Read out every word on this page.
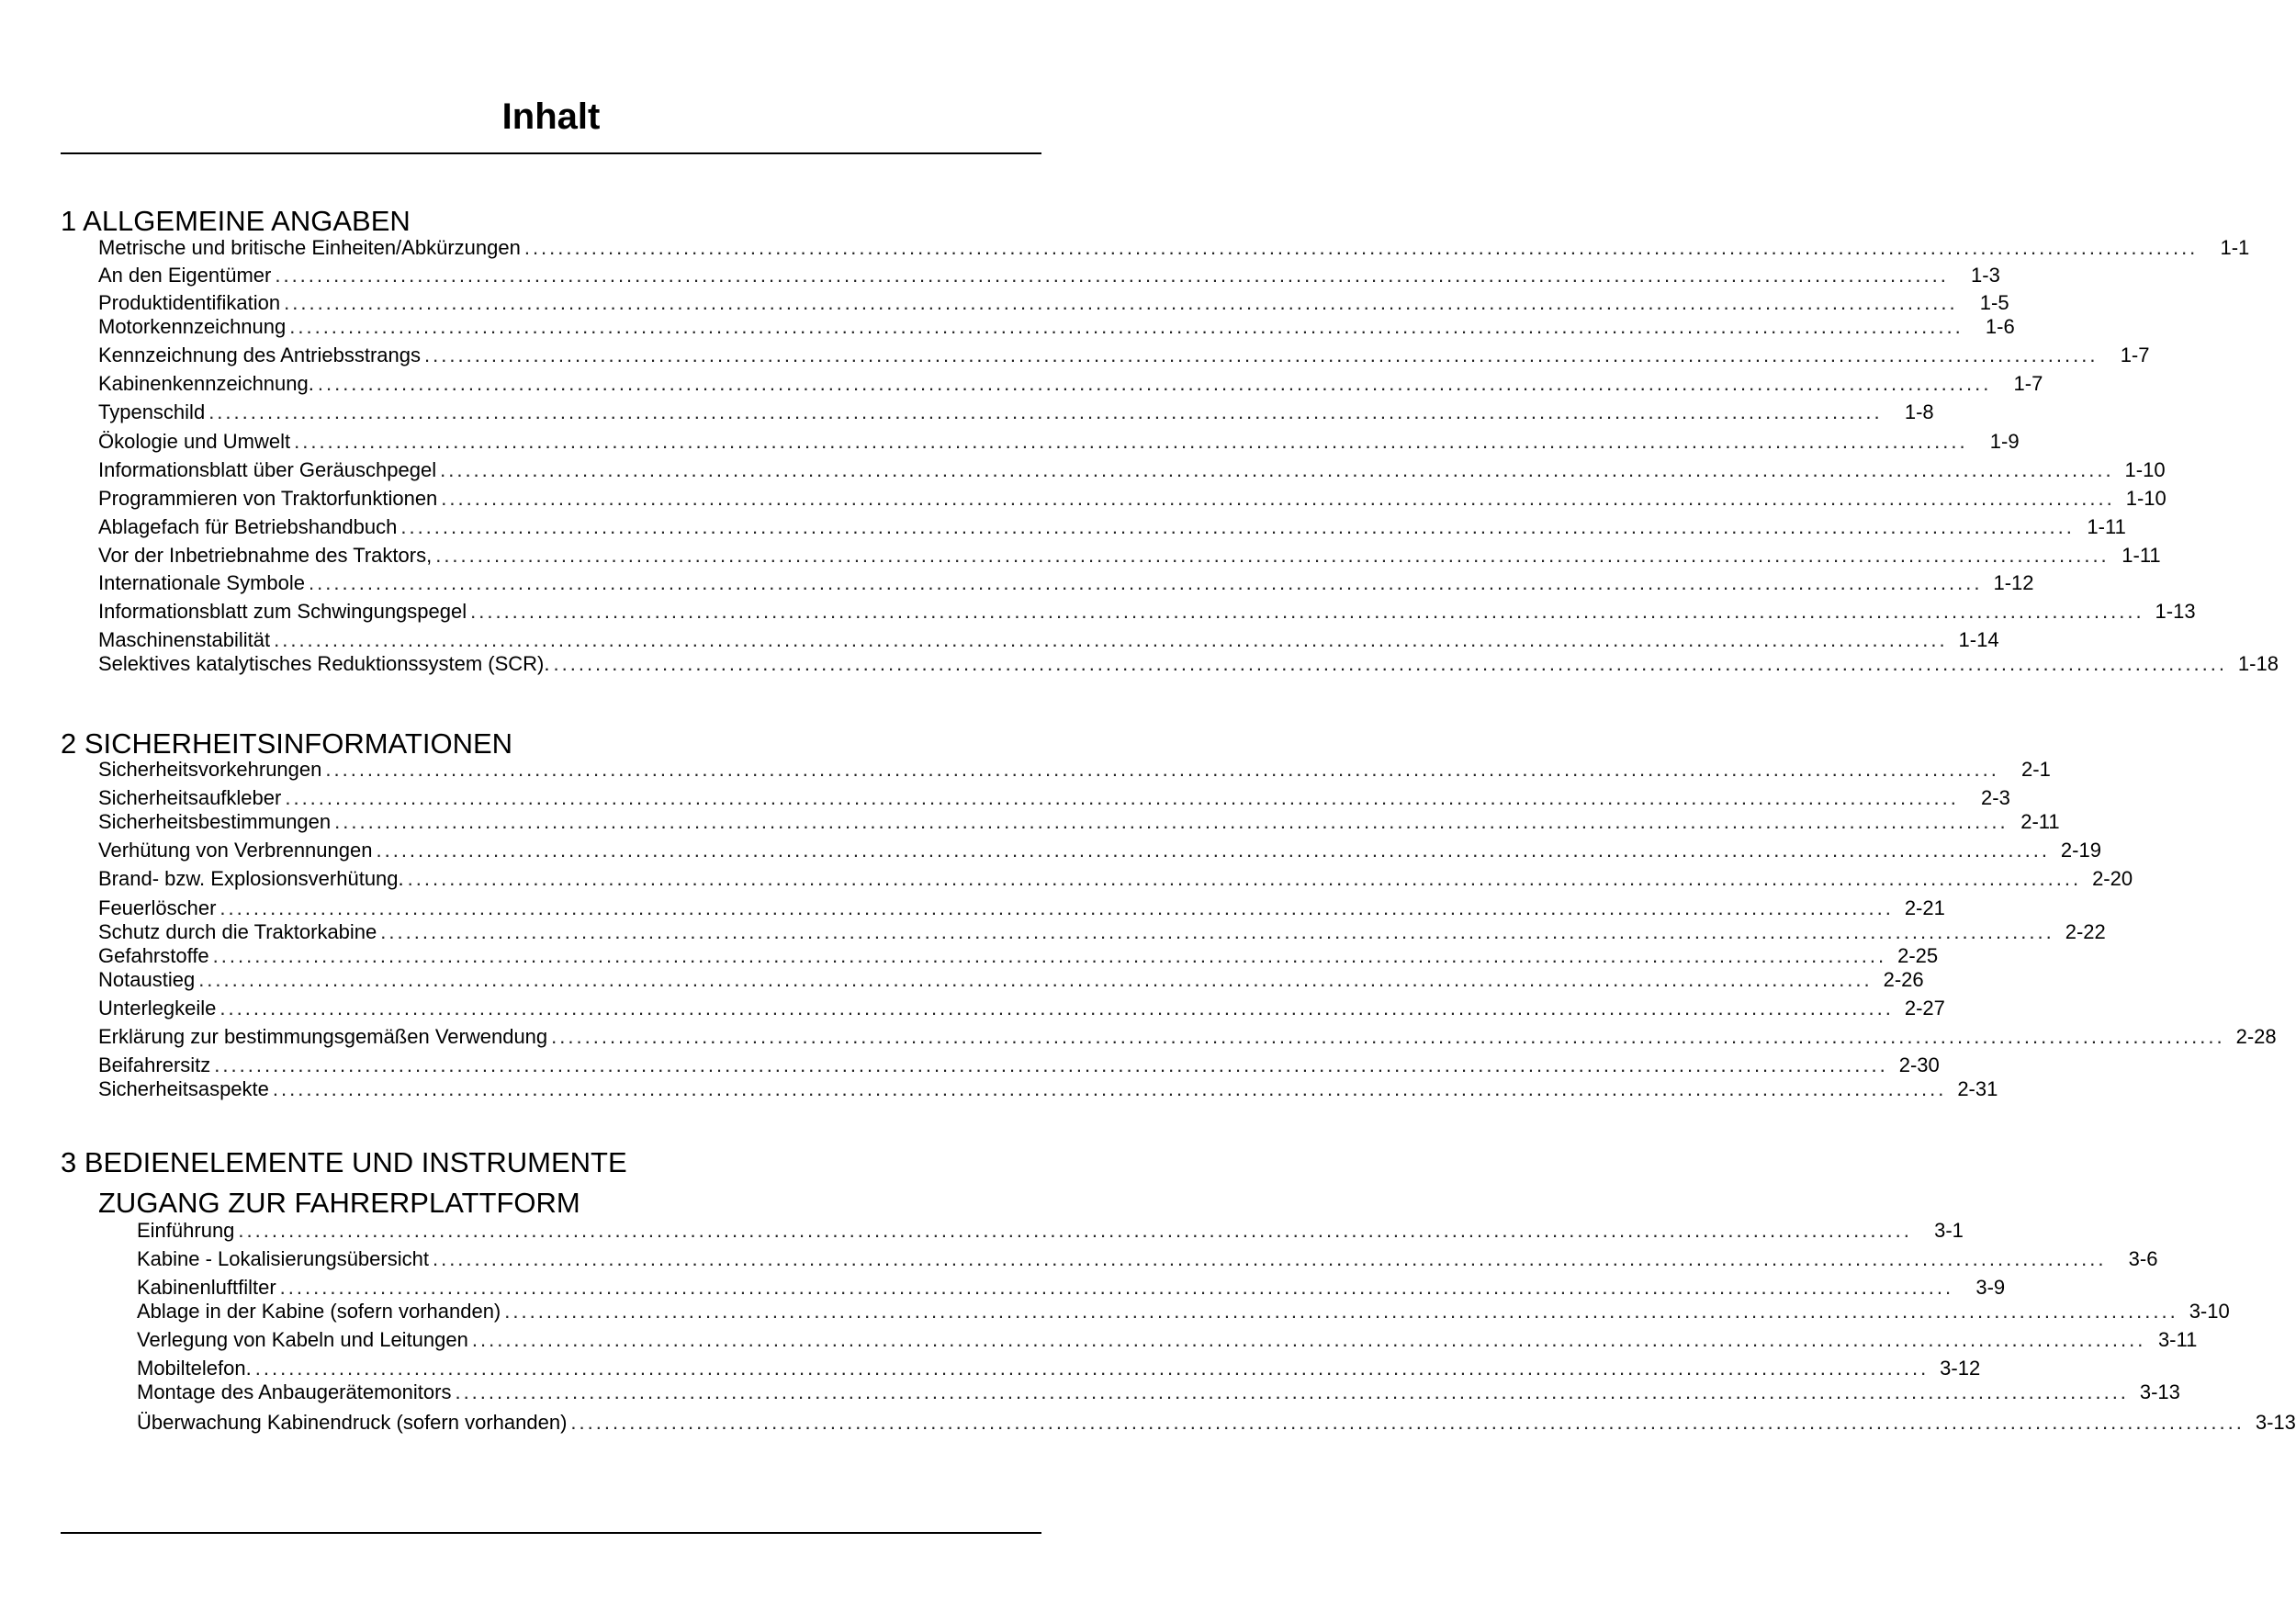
Inhalt
1 ALLGEMEINE ANGABEN
Metrische und britische Einheiten/Abkürzungen ........................................................................................................................................................................................................	1-1
An den Eigentümer ........................................................................................................................................................................................................	1-3
Produktidentifikation ........................................................................................................................................................................................................	1-5
Motorkennzeichnung ........................................................................................................................................................................................................	1-6
Kennzeichnung des Antriebsstrangs ........................................................................................................................................................................................................	1-7
Kabinenkennzeichnung. ........................................................................................................................................................................................................	1-7
Typenschild ........................................................................................................................................................................................................	1-8
Ökologie und Umwelt ........................................................................................................................................................................................................	1-9
Informationsblatt über Geräuschpegel ........................................................................................................................................................................................................ 1-10
Programmieren von Traktorfunktionen ........................................................................................................................................................................................................ 1-10
Ablagefach für Betriebshandbuch ........................................................................................................................................................................................................ 1-11
Vor der Inbetriebnahme des Traktors, ........................................................................................................................................................................................................ 1-11
Internationale Symbole ........................................................................................................................................................................................................ 1-12
Informationsblatt zum Schwingungspegel ........................................................................................................................................................................................................ 1-13
Maschinenstabilität ........................................................................................................................................................................................................ 1-14
Selektives katalytisches Reduktionssystem (SCR). ........................................................................................................................................................................................................ 1-18
2 SICHERHEITSINFORMATIONEN
Sicherheitsvorkehrungen ........................................................................................................................................................................................................	2-1
Sicherheitsaufkleber ........................................................................................................................................................................................................	2-3
Sicherheitsbestimmungen ........................................................................................................................................................................................................ 2-11
Verhütung von Verbrennungen ........................................................................................................................................................................................................ 2-19
Brand- bzw. Explosionsverhütung. ........................................................................................................................................................................................................ 2-20
Feuerlöscher ........................................................................................................................................................................................................ 2-21
Schutz durch die Traktorkabine ........................................................................................................................................................................................................ 2-22
Gefahrstoffe ........................................................................................................................................................................................................ 2-25
Notaustieg ........................................................................................................................................................................................................ 2-26
Unterlegkeile ........................................................................................................................................................................................................ 2-27
Erklärung zur bestimmungsgemäßen Verwendung ........................................................................................................................................................................................................ 2-28
Beifahrersitz ........................................................................................................................................................................................................ 2-30
Sicherheitsaspekte ........................................................................................................................................................................................................ 2-31
3 BEDIENELEMENTE UND INSTRUMENTE
ZUGANG ZUR FAHRERPLATTFORM
Einführung ........................................................................................................................................................................................................	3-1
Kabine - Lokalisierungsübersicht ........................................................................................................................................................................................................	3-6
Kabinenluftfilter ........................................................................................................................................................................................................	3-9
Ablage in der Kabine (sofern vorhanden) ........................................................................................................................................................................................................ 3-10
Verlegung von Kabeln und Leitungen ........................................................................................................................................................................................................ 3-11
Mobiltelefon. ........................................................................................................................................................................................................ 3-12
Montage des Anbaugerätemonitors ........................................................................................................................................................................................................ 3-13
Überwachung Kabinendruck (sofern vorhanden) ........................................................................................................................................................................................................ 3-13
